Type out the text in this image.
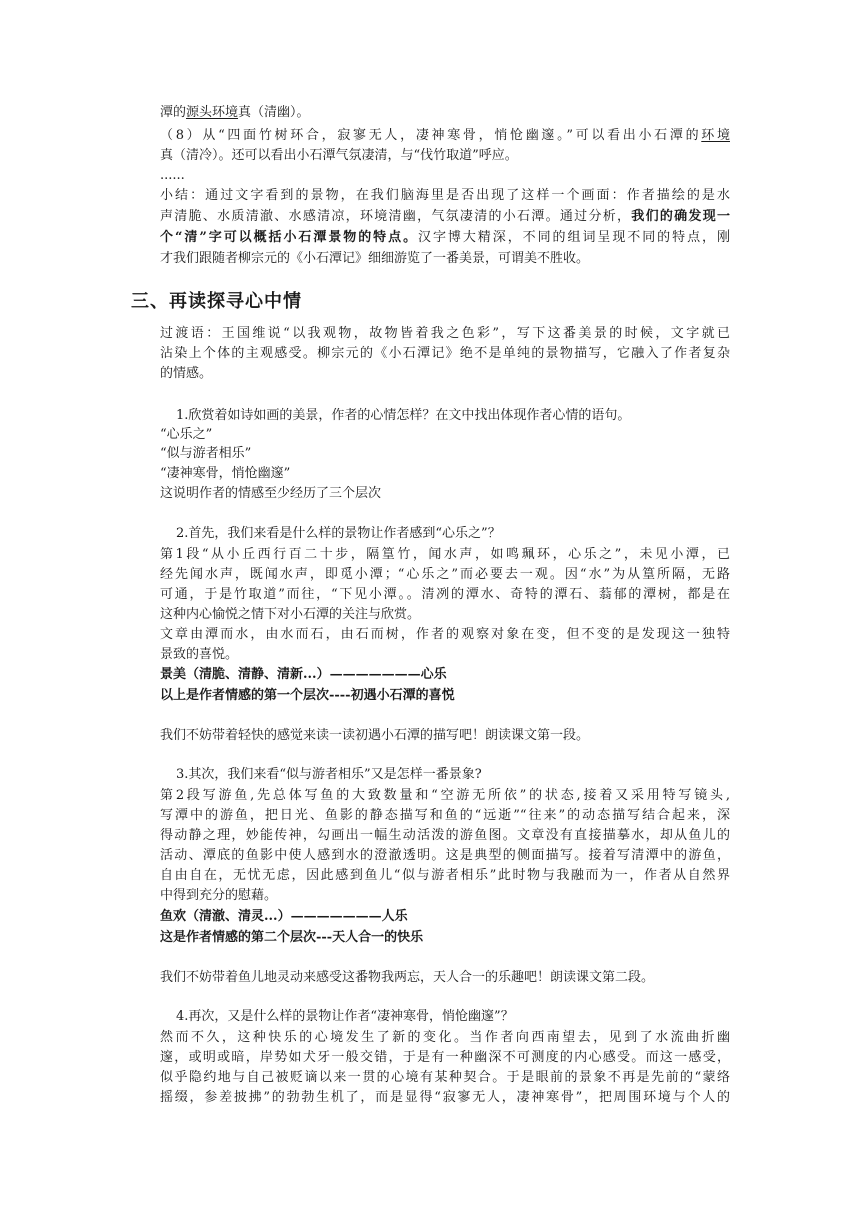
潭的源头环境真（清幽）。
（8）从“四面竹树环合，寂寥无人，凄神寒骨，悄怆幽邃。”可以看出小石潭的环境
真（清冷）。还可以看出小石潭气氛凄清，与“伐竹取道”呼应。
......
小结：通过文字看到的景物，在我们脑海里是否出现了这样一个画面：作者描绘的是水
声清脆、水质清澈、水感清凉，环境清幽，气氛凄清的小石潭。通过分析，我们的确发现一
个“清”字可以概括小石潭景物的特点。汉字博大精深，不同的组词呈现不同的特点，刚
才我们跟随者柳宗元的《小石潭记》细细游览了一番美景，可谓美不胜收。
三、再读探寻心中情
过渡语：王国维说“以我观物，故物皆着我之色彩”，写下这番美景的时候，文字就已
沾染上个体的主观感受。柳宗元的《小石潭记》绝不是单纯的景物描写，它融入了作者复杂
的情感。
1.欣赏着如诗如画的美景，作者的心情怎样？在文中找出体现作者心情的语句。
“心乐之”
“似与游者相乐”
“凄神寒骨，悄怆幽邃”
这说明作者的情感至少经历了三个层次
2.首先，我们来看是什么样的景物让作者感到“心乐之”？
第1段“从小丘西行百二十步，隔篁竹，闻水声，如鸣珮环，心乐之”，未见小潭，已
经先闻水声，既闻水声，即觅小潭；“心乐之”而必要去一观。因“水”为从篁所隔，无路
可通，于是竹取道”而往，“下见小潭。。清冽的潭水、奇特的潭石、蓊郁的潭树，都是在
这种内心愉悦之情下对小石潭的关注与欣赏。
文章由潭而水，由水而石，由石而树，作者的观察对象在变，但不变的是发现这一独特
景致的喜悦。
景美（清脆、清静、清新...）———————心乐
以上是作者情感的第一个层次----初遇小石潭的喜悦
我们不妨带着轻快的感觉来读一读初遇小石潭的描写吧！朗读课文第一段。
3.其次，我们来看“似与游者相乐”又是怎样一番景象?
第2段写游鱼,先总体写鱼的大致数量和“空游无所依”的状态,接着又采用特写镜头,
写潭中的游鱼，把日光、鱼影的静态描写和鱼的“远逝”“往来”的动态描写结合起来，深
得动静之理，妙能传神，勾画出一幅生动活泼的游鱼图。文章没有直接描摹水，却从鱼儿的
活动、潭底的鱼影中使人感到水的澄澈透明。这是典型的侧面描写。接着写清潭中的游鱼，
自由自在，无忧无虑，因此感到鱼儿“似与游者相乐”此时物与我融而为一，作者从自然界
中得到充分的慰藉。
鱼欢（清澈、清灵...）———————人乐
这是作者情感的第二个层次---天人合一的快乐
我们不妨带着鱼儿地灵动来感受这番物我两忘，天人合一的乐趣吧！朗读课文第二段。
4.再次，又是什么样的景物让作者“凄神寒骨，悄怆幽邃”？
然而不久，这种快乐的心境发生了新的变化。当作者向西南望去，见到了水流曲折幽
邃，或明或暗，岸势如犬牙一般交错，于是有一种幽深不可测度的内心感受。而这一感受，
似乎隐约地与自己被贬谪以来一贯的心境有某种契合。于是眼前的景象不再是先前的“蒙络
摇缀，参差披拂”的勃勃生机了，而是显得“寂寥无人，凄神寒骨”，把周围环境与个人的
